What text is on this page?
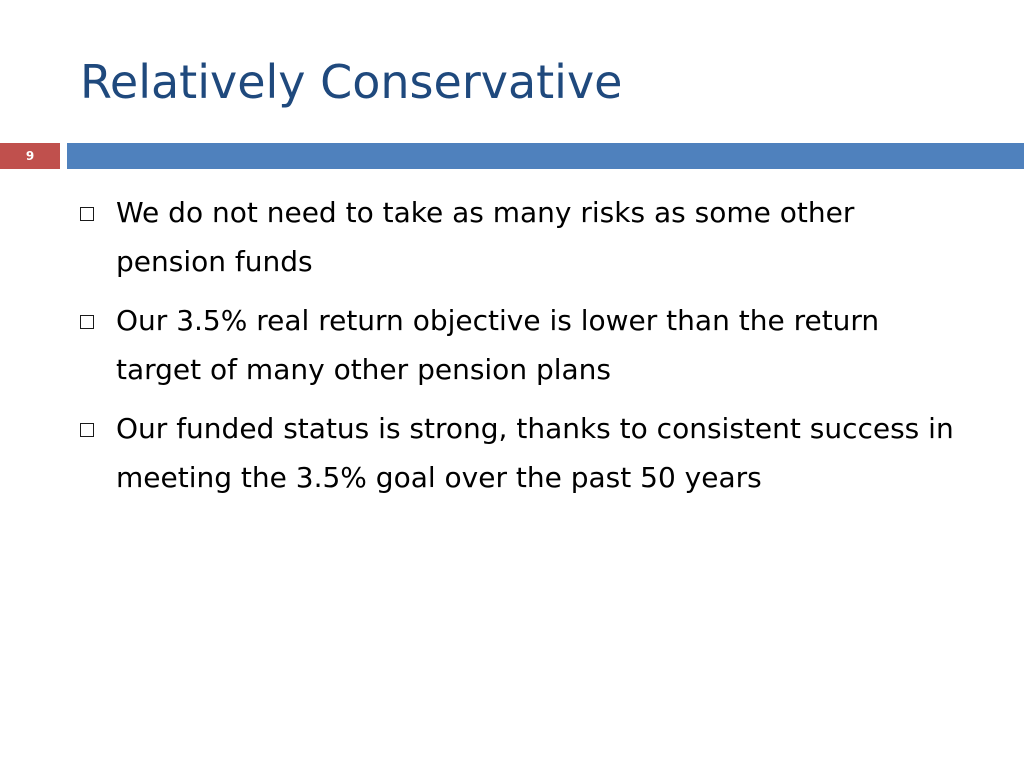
Relatively Conservative
9
We do not need to take as many risks as some other pension funds
Our 3.5% real return objective is lower than the return target of many other pension plans
Our funded status is strong, thanks to consistent success in meeting the 3.5% goal over the past 50 years
